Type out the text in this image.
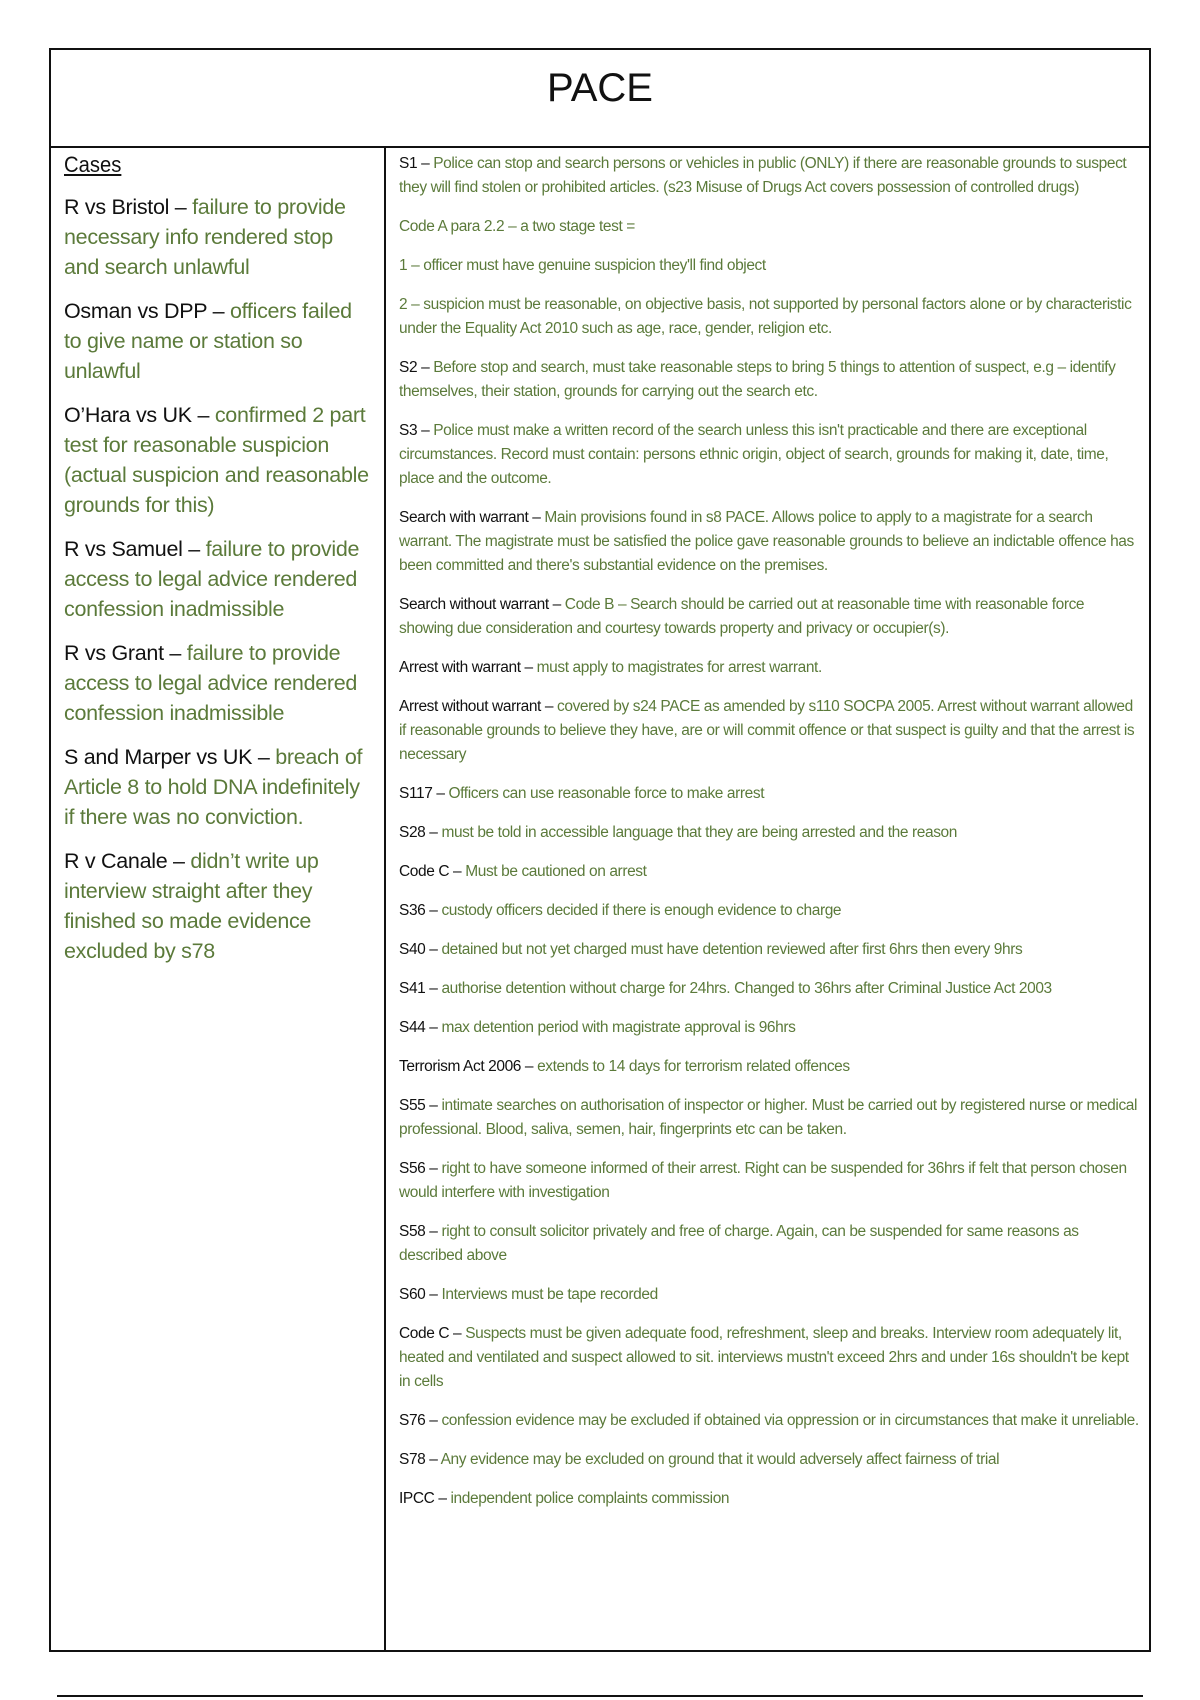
PACE
Cases
R vs Bristol – failure to provide necessary info rendered stop and search unlawful
Osman vs DPP – officers failed to give name or station so unlawful
O’Hara vs UK – confirmed 2 part test for reasonable suspicion (actual suspicion and reasonable grounds for this)
R vs Samuel – failure to provide access to legal advice rendered confession inadmissible
R vs Grant – failure to provide access to legal advice rendered confession inadmissible
S and Marper vs UK – breach of Article 8 to hold DNA indefinitely if there was no conviction.
R v Canale – didn’t write up interview straight after they finished so made evidence excluded by s78
S1 – Police can stop and search persons or vehicles in public (ONLY) if there are reasonable grounds to suspect they will find stolen or prohibited articles. (s23 Misuse of Drugs Act covers possession of controlled drugs)
Code A para 2.2 – a two stage test =
1 – officer must have genuine suspicion they'll find object
2 – suspicion must be reasonable, on objective basis, not supported by personal factors alone or by characteristic under the Equality Act 2010 such as age, race, gender, religion etc.
S2 – Before stop and search, must take reasonable steps to bring 5 things to attention of suspect, e.g – identify themselves, their station, grounds for carrying out the search etc.
S3 – Police must make a written record of the search unless this isn't practicable and there are exceptional circumstances. Record must contain: persons ethnic origin, object of search, grounds for making it, date, time, place and the outcome.
Search with warrant – Main provisions found in s8 PACE. Allows police to apply to a magistrate for a search warrant. The magistrate must be satisfied the police gave reasonable grounds to believe an indictable offence has been committed and there's substantial evidence on the premises.
Search without warrant – Code B – Search should be carried out at reasonable time with reasonable force showing due consideration and courtesy towards property and privacy or occupier(s).
Arrest with warrant – must apply to magistrates for arrest warrant.
Arrest without warrant – covered by s24 PACE as amended by s110 SOCPA 2005. Arrest without warrant allowed if reasonable grounds to believe they have, are or will commit offence or that suspect is guilty and that the arrest is necessary
S117 – Officers can use reasonable force to make arrest
S28 – must be told in accessible language that they are being arrested and the reason
Code C – Must be cautioned on arrest
S36 – custody officers decided if there is enough evidence to charge
S40 – detained but not yet charged must have detention reviewed after first 6hrs then every 9hrs
S41 – authorise detention without charge for 24hrs. Changed to 36hrs after Criminal Justice Act 2003
S44 – max detention period with magistrate approval is 96hrs
Terrorism Act 2006 – extends to 14 days for terrorism related offences
S55 – intimate searches on authorisation of inspector or higher. Must be carried out by registered nurse or medical professional. Blood, saliva, semen, hair, fingerprints etc can be taken.
S56 – right to have someone informed of their arrest. Right can be suspended for 36hrs if felt that person chosen would interfere with investigation
S58 – right to consult solicitor privately and free of charge. Again, can be suspended for same reasons as described above
S60 – Interviews must be tape recorded
Code C – Suspects must be given adequate food, refreshment, sleep and breaks. Interview room adequately lit, heated and ventilated and suspect allowed to sit. interviews mustn't exceed 2hrs and under 16s shouldn't be kept in cells
S76 – confession evidence may be excluded if obtained via oppression or in circumstances that make it unreliable.
S78 – Any evidence may be excluded on ground that it would adversely affect fairness of trial
IPCC – independent police complaints commission
